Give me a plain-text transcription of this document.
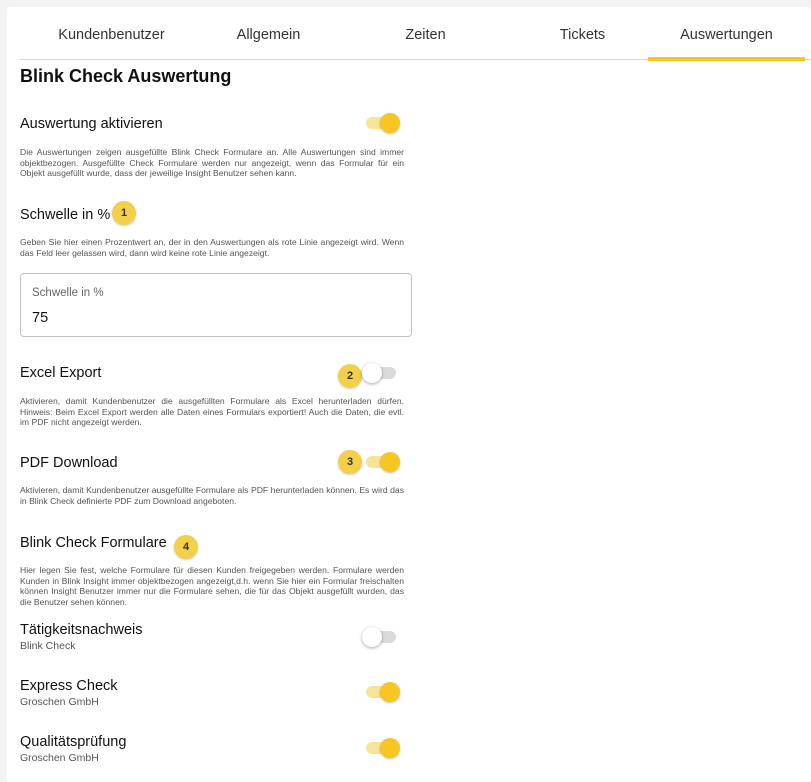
Kundenbenutzer	Allgemein	Zeiten	Tickets	Auswertungen
Blink Check Auswertung
Auswertung aktivieren
Die Auswertungen zeigen ausgefüllte Blink Check Formulare an. Alle Auswertungen sind immer objektbezogen. Ausgefüllte Check Formulare werden nur angezeigt, wenn das Formular für ein Objekt ausgefüllt wurde, dass der jeweilige Insight Benutzer sehen kann.
Schwelle in % 1
Geben Sie hier einen Prozentwert an, der in den Auswertungen als rote Linie angezeigt wird. Wenn das Feld leer gelassen wird, dann wird keine rote Linie angezeigt.
Schwelle in %
75
Excel Export	2
Aktivieren, damit Kundenbenutzer die ausgefüllten Formulare als Excel herunterladen dürfen. Hinweis: Beim Excel Export werden alle Daten eines Formulars exportiert! Auch die Daten, die evtl. im PDF nicht angezeigt werden.
PDF Download	3
Aktivieren, damit Kundenbenutzer ausgefüllte Formulare als PDF herunterladen können. Es wird das in Blink Check definierte PDF zum Download angeboten.
Blink Check Formulare	4
Hier legen Sie fest, welche Formulare für diesen Kunden freigegeben werden. Formulare werden Kunden in Blink Insight immer objektbezogen angezeigt,d.h. wenn Sie hier ein Formular freischalten können Insight Benutzer immer nur die Formulare sehen, die für das Objekt ausgefüllt wurden, das die Benutzer sehen können.
Tätigkeitsnachweis
Blink Check
Express Check
Groschen GmbH
Qualitätsprüfung
Groschen GmbH
